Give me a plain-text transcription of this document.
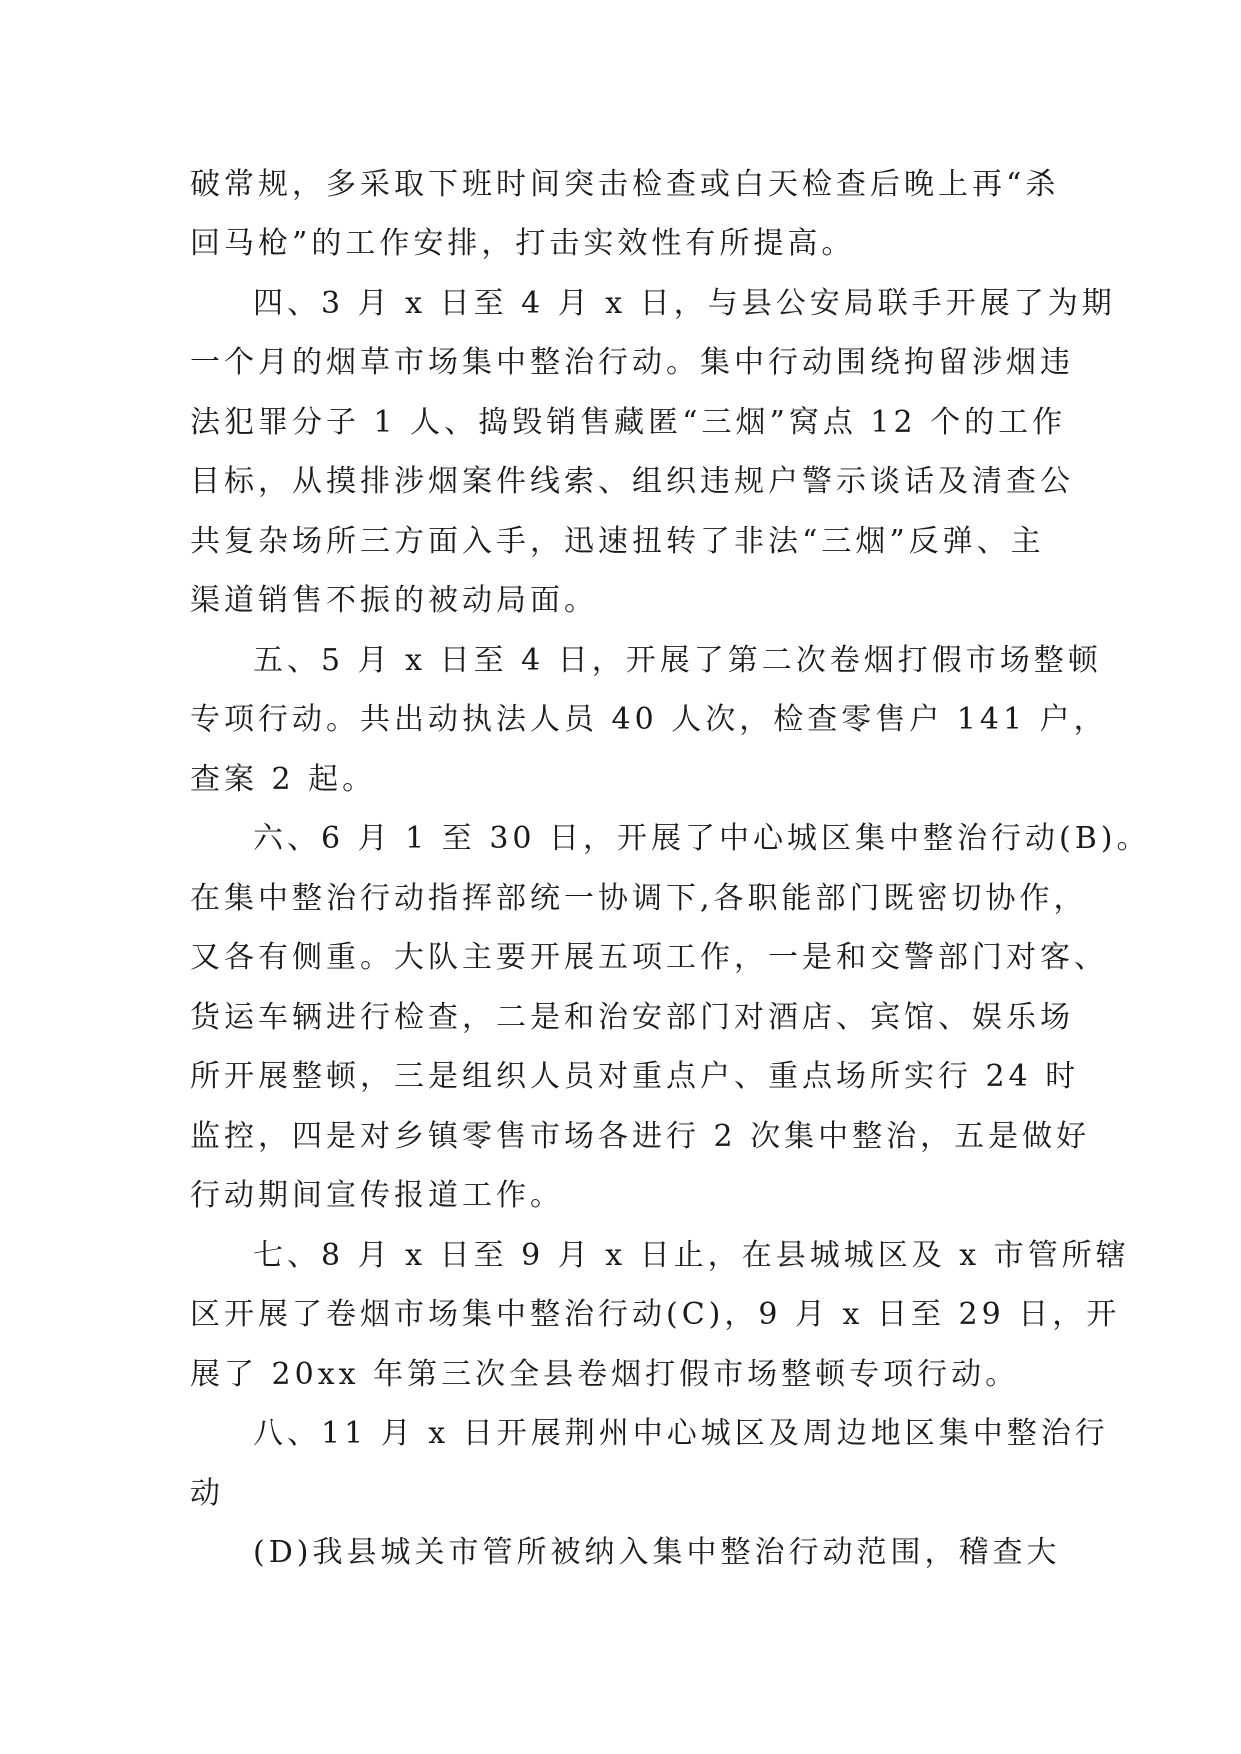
破常规，多采取下班时间突击检查或白天检查后晚上再“杀
回马枪”的工作安排，打击实效性有所提高。
四、3 月 x 日至 4 月 x 日，与县公安局联手开展了为期
一个月的烟草市场集中整治行动。集中行动围绕拘留涉烟违
法犯罪分子 1 人、捣毁销售藏匿“三烟”窝点 12 个的工作
目标，从摸排涉烟案件线索、组织违规户警示谈话及清查公
共复杂场所三方面入手，迅速扭转了非法“三烟”反弹、主
渠道销售不振的被动局面。
五、5 月 x 日至 4 日，开展了第二次卷烟打假市场整顿
专项行动。共出动执法人员 40 人次，检查零售户 141 户，
查案 2 起。
六、6 月 1 至 30 日，开展了中心城区集中整治行动(B)。
在集中整治行动指挥部统一协调下,各职能部门既密切协作，
又各有侧重。大队主要开展五项工作，一是和交警部门对客、
货运车辆进行检查，二是和治安部门对酒店、宾馆、娱乐场
所开展整顿，三是组织人员对重点户、重点场所实行 24 时
监控，四是对乡镇零售市场各进行 2 次集中整治，五是做好
行动期间宣传报道工作。
七、8 月 x 日至 9 月 x 日止，在县城城区及 x 市管所辖
区开展了卷烟市场集中整治行动(C)，9 月 x 日至 29 日，开
展了 20xx 年第三次全县卷烟打假市场整顿专项行动。
八、11 月 x 日开展荆州中心城区及周边地区集中整治行
动
(D)我县城关市管所被纳入集中整治行动范围，稽查大
